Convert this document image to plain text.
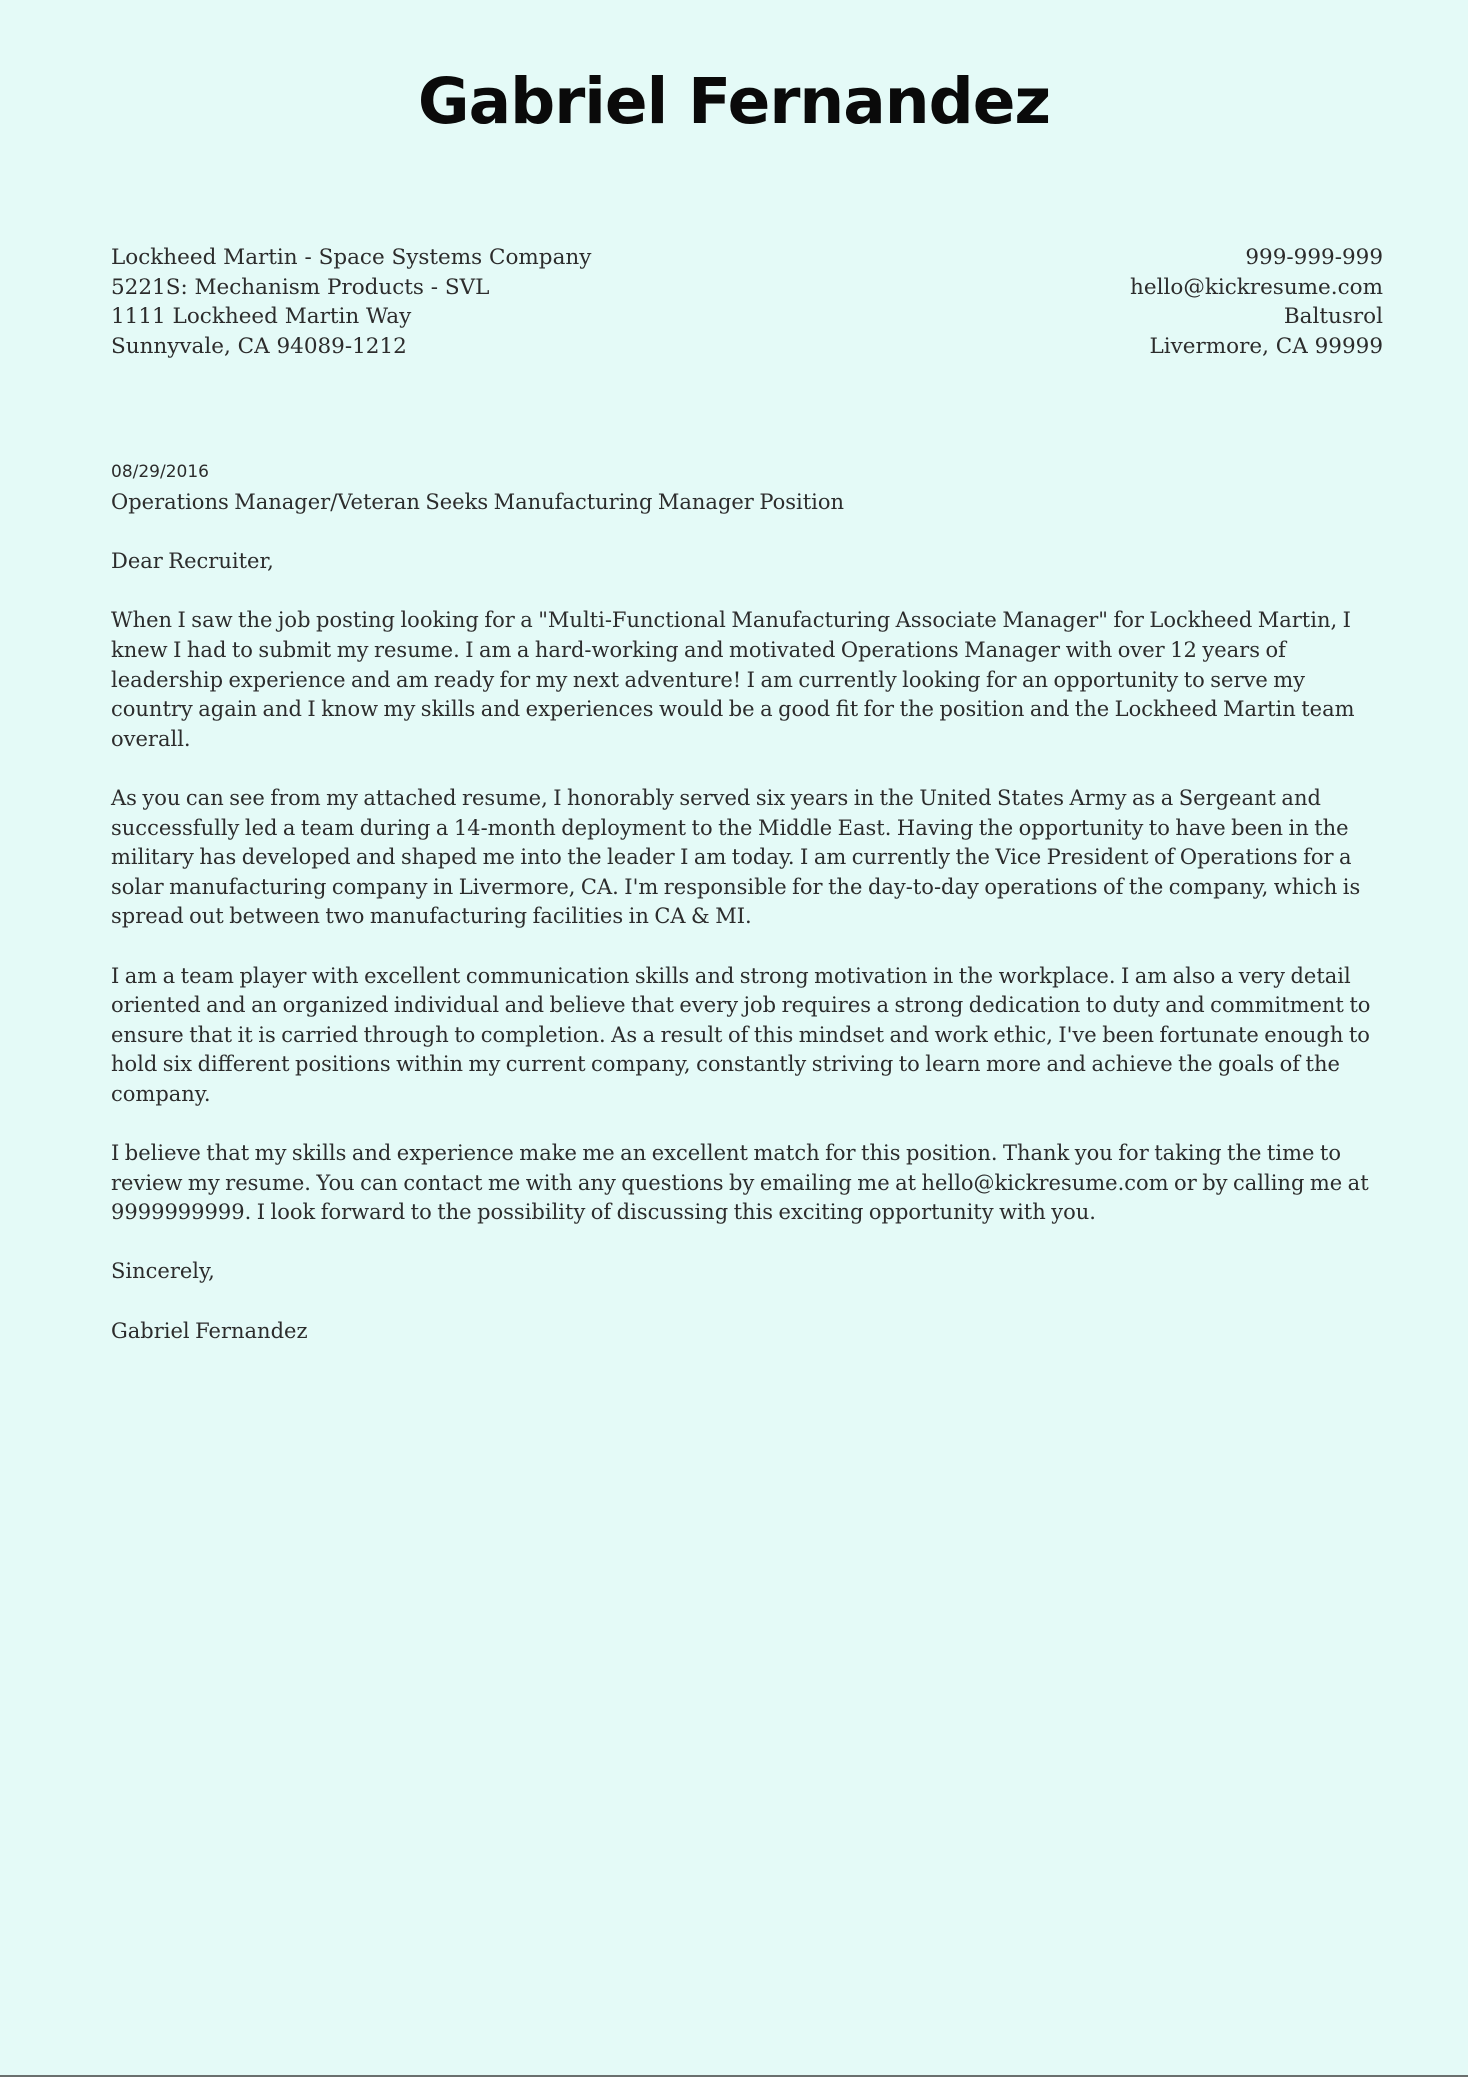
Gabriel Fernandez
Lockheed Martin - Space Systems Company
5221S: Mechanism Products - SVL
1111 Lockheed Martin Way
Sunnyvale, CA 94089-1212
999-999-999
hello@kickresume.com
Baltusrol
Livermore, CA 99999
08/29/2016

Operations Manager/Veteran Seeks Manufacturing Manager Position

Dear Recruiter,

When I saw the job posting looking for a "Multi-Functional Manufacturing Associate Manager" for Lockheed Martin, I knew I had to submit my resume. I am a hard-working and motivated Operations Manager with over 12 years of leadership experience and am ready for my next adventure! I am currently looking for an opportunity to serve my country again and I know my skills and experiences would be a good fit for the position and the Lockheed Martin team overall.

As you can see from my attached resume, I honorably served six years in the United States Army as a Sergeant and successfully led a team during a 14-month deployment to the Middle East. Having the opportunity to have been in the military has developed and shaped me into the leader I am today. I am currently the Vice President of Operations for a solar manufacturing company in Livermore, CA. I'm responsible for the day-to-day operations of the company, which is spread out between two manufacturing facilities in CA & MI.

I am a team player with excellent communication skills and strong motivation in the workplace. I am also a very detail oriented and an organized individual and believe that every job requires a strong dedication to duty and commitment to ensure that it is carried through to completion. As a result of this mindset and work ethic, I've been fortunate enough to hold six different positions within my current company, constantly striving to learn more and achieve the goals of the company.

I believe that my skills and experience make me an excellent match for this position. Thank you for taking the time to review my resume. You can contact me with any questions by emailing me at hello@kickresume.com or by calling me at 9999999999. I look forward to the possibility of discussing this exciting opportunity with you.

Sincerely,

Gabriel Fernandez
